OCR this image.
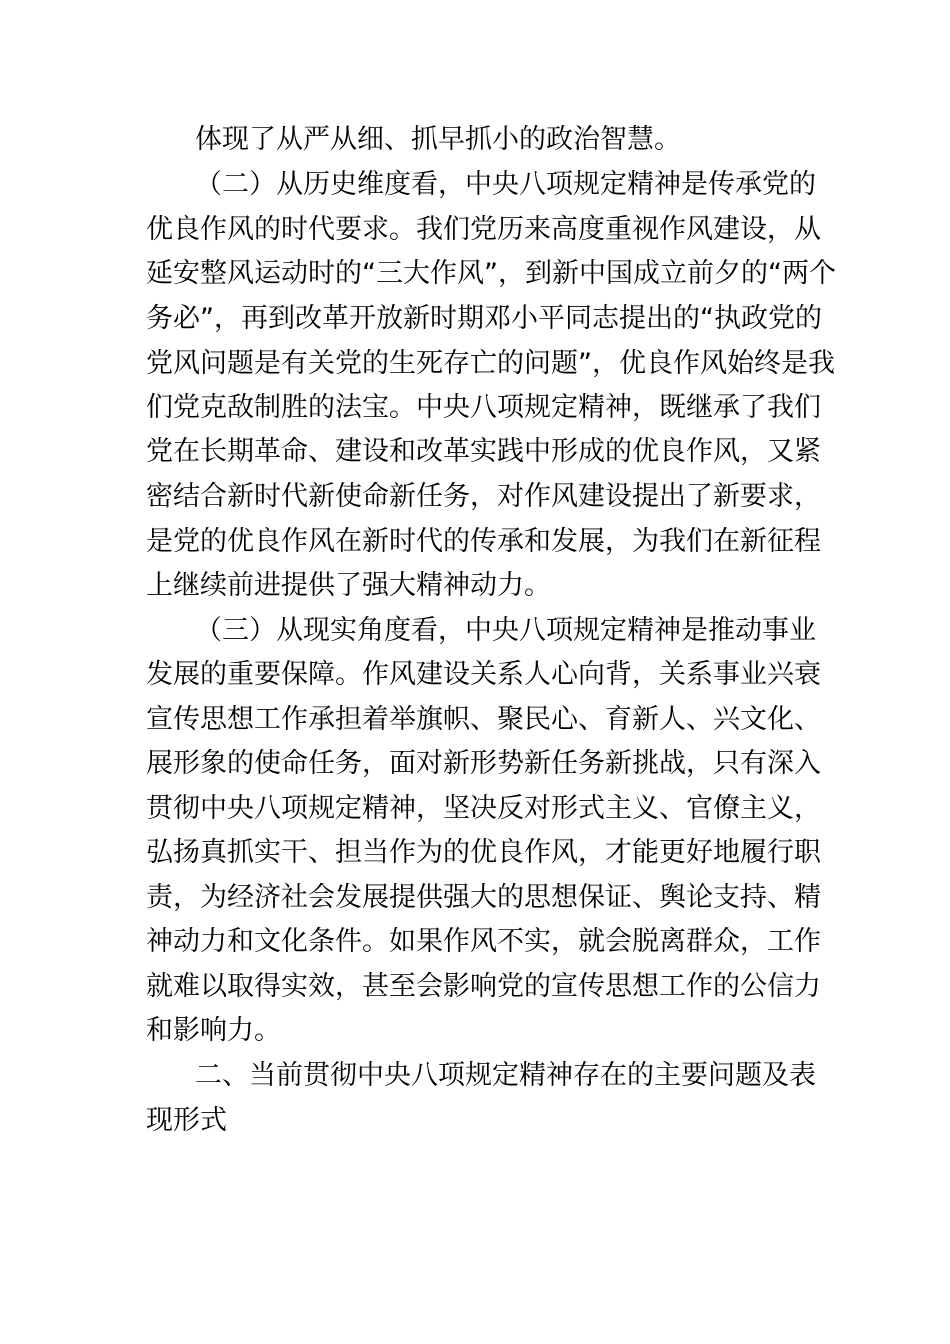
体现了从严从细、抓早抓小的政治智慧。
（二）从历史维度看，中央八项规定精神是传承党的
优良作风的时代要求。我们党历来高度重视作风建设，从
延安整风运动时的“三大作风”，到新中国成立前夕的“两个
务必”，再到改革开放新时期邓小平同志提出的“执政党的
党风问题是有关党的生死存亡的问题”，优良作风始终是我
们党克敌制胜的法宝。中央八项规定精神，既继承了我们
党在长期革命、建设和改革实践中形成的优良作风，又紧
密结合新时代新使命新任务，对作风建设提出了新要求，
是党的优良作风在新时代的传承和发展，为我们在新征程
上继续前进提供了强大精神动力。
（三）从现实角度看，中央八项规定精神是推动事业
发展的重要保障。作风建设关系人心向背，关系事业兴衰
宣传思想工作承担着举旗帜、聚民心、育新人、兴文化、
展形象的使命任务，面对新形势新任务新挑战，只有深入
贯彻中央八项规定精神，坚决反对形式主义、官僚主义，
弘扬真抓实干、担当作为的优良作风，才能更好地履行职
责，为经济社会发展提供强大的思想保证、舆论支持、精
神动力和文化条件。如果作风不实，就会脱离群众，工作
就难以取得实效，甚至会影响党的宣传思想工作的公信力
和影响力。
二、当前贯彻中央八项规定精神存在的主要问题及表
现形式
